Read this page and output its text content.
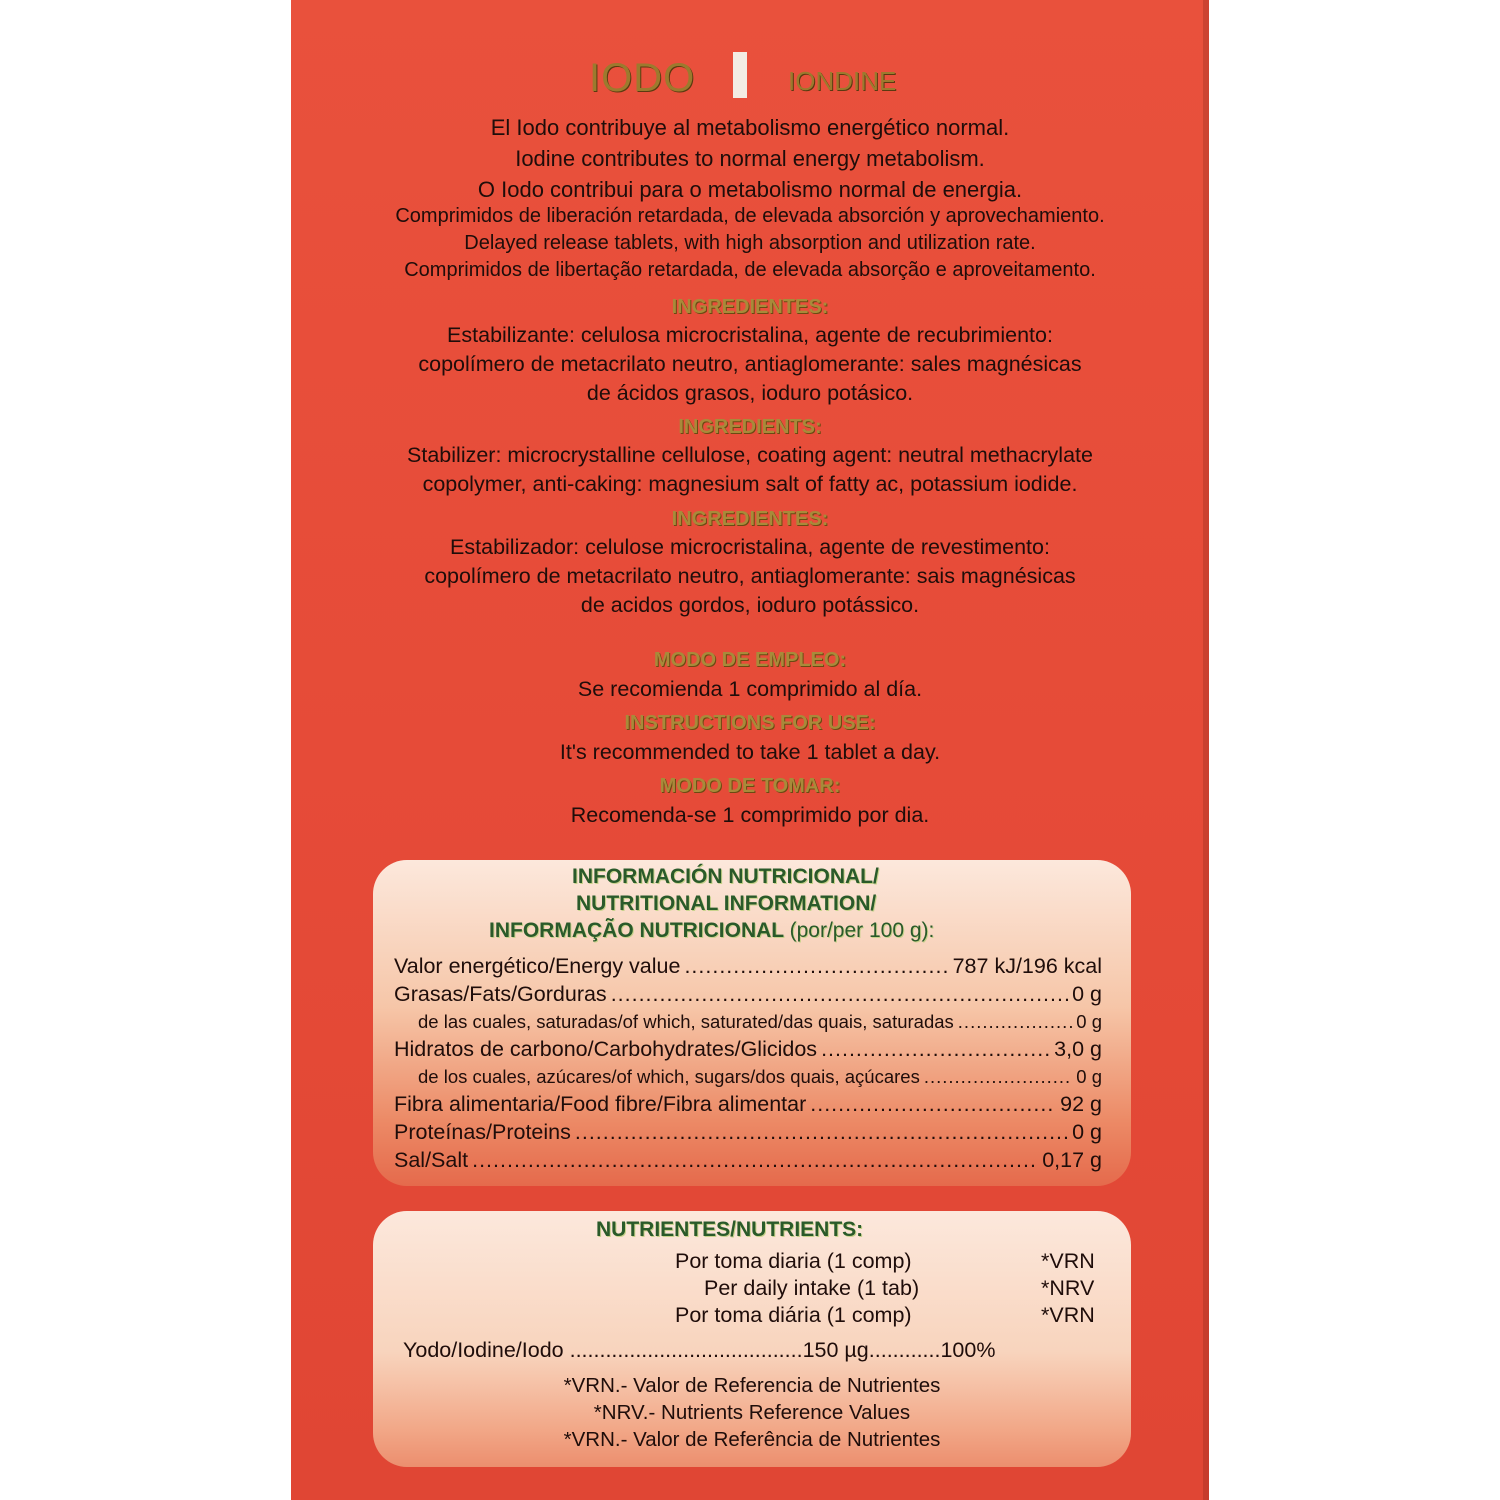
IODO	IONDINE
El Iodo contribuye al metabolismo energético normal.
Iodine contributes to normal energy metabolism.
O Iodo contribui para o metabolismo normal de energia.
Comprimidos de liberación retardada, de elevada absorción y aprovechamiento.
Delayed release tablets, with high absorption and utilization rate.
Comprimidos de libertação retardada, de elevada absorção e aproveitamento.
INGREDIENTES:
Estabilizante: celulosa microcristalina, agente de recubrimiento:
copolímero de metacrilato neutro, antiaglomerante: sales magnésicas
de ácidos grasos, ioduro potásico.
INGREDIENTS:
Stabilizer: microcrystalline cellulose, coating agent: neutral methacrylate
copolymer, anti-caking: magnesium salt of fatty ac, potassium iodide.
INGREDIENTES:
Estabilizador: celulose microcristalina, agente de revestimento:
copolímero de metacrilato neutro, antiaglomerante: sais magnésicas
de acidos gordos, ioduro potássico.
MODO DE EMPLEO:
Se recomienda 1 comprimido al día.
INSTRUCTIONS FOR USE:
It's recommended to take 1 tablet a day.
MODO DE TOMAR:
Recomenda-se 1 comprimido por dia.
INFORMACIÓN NUTRICIONAL/
NUTRITIONAL INFORMATION/
INFORMAÇÃO NUTRICIONAL (por/per 100 g):
Valor energético/Energy value .....	787 kJ/196 kcal
Grasas/Fats/Gorduras .....	0 g
de las cuales, saturadas/of which, saturated/das quais, saturadas .....	0 g
Hidratos de carbono/Carbohydrates/Glicidos .....	3,0 g
de los cuales, azúcares/of which, sugars/dos quais, açúcares .....	0 g
Fibra alimentaria/Food fibre/Fibra alimentar .....	92 g
Proteínas/Proteins .....	0 g
Sal/Salt .....	0,17 g
NUTRIENTES/NUTRIENTS:
Por toma diaria (1 comp)	*VRN
Per daily intake (1 tab)	*NRV
Por toma diária (1 comp)	*VRN
Yodo/Iodine/Iodo .......................................150 µg............100%
*VRN.- Valor de Referencia de Nutrientes
*NRV.- Nutrients Reference Values
*VRN.- Valor de Referência de Nutrientes
